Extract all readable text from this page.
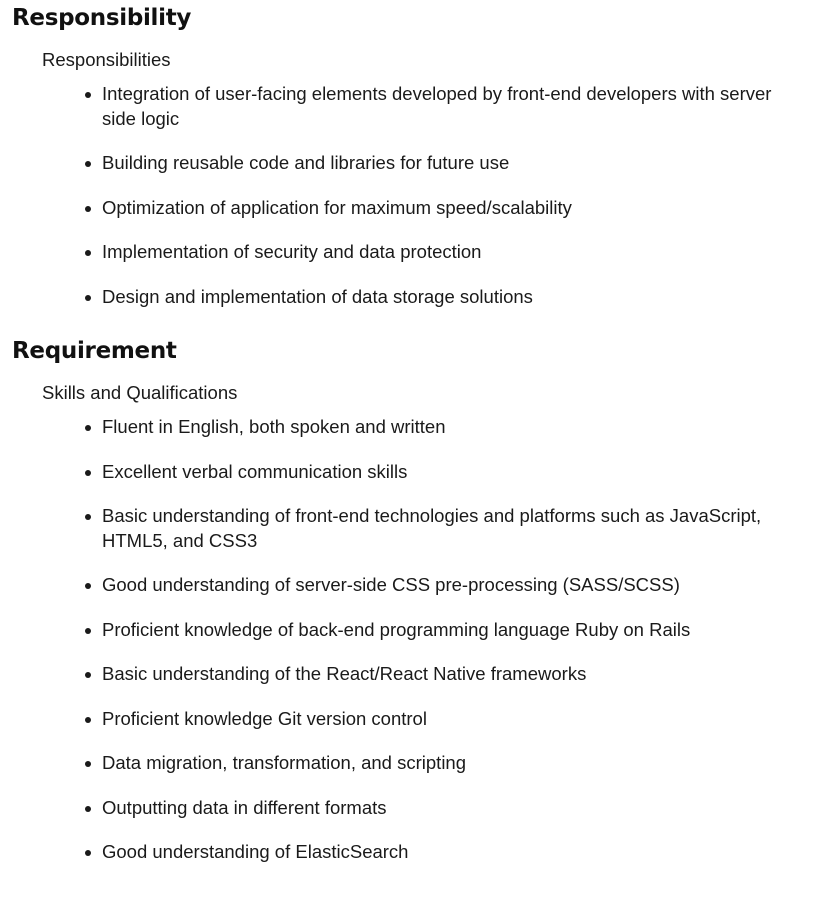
Responsibility
Responsibilities
Integration of user-facing elements developed by front-end developers with server side logic
Building reusable code and libraries for future use
Optimization of application for maximum speed/scalability
Implementation of security and data protection
Design and implementation of data storage solutions
Requirement
Skills and Qualifications
Fluent in English, both spoken and written
Excellent verbal communication skills
Basic understanding of front-end technologies and platforms such as JavaScript, HTML5, and CSS3
Good understanding of server-side CSS pre-processing (SASS/SCSS)
Proficient knowledge of back-end programming language Ruby on Rails
Basic understanding of the React/React Native frameworks
Proficient knowledge Git version control
Data migration, transformation, and scripting
Outputting data in different formats
Good understanding of ElasticSearch
